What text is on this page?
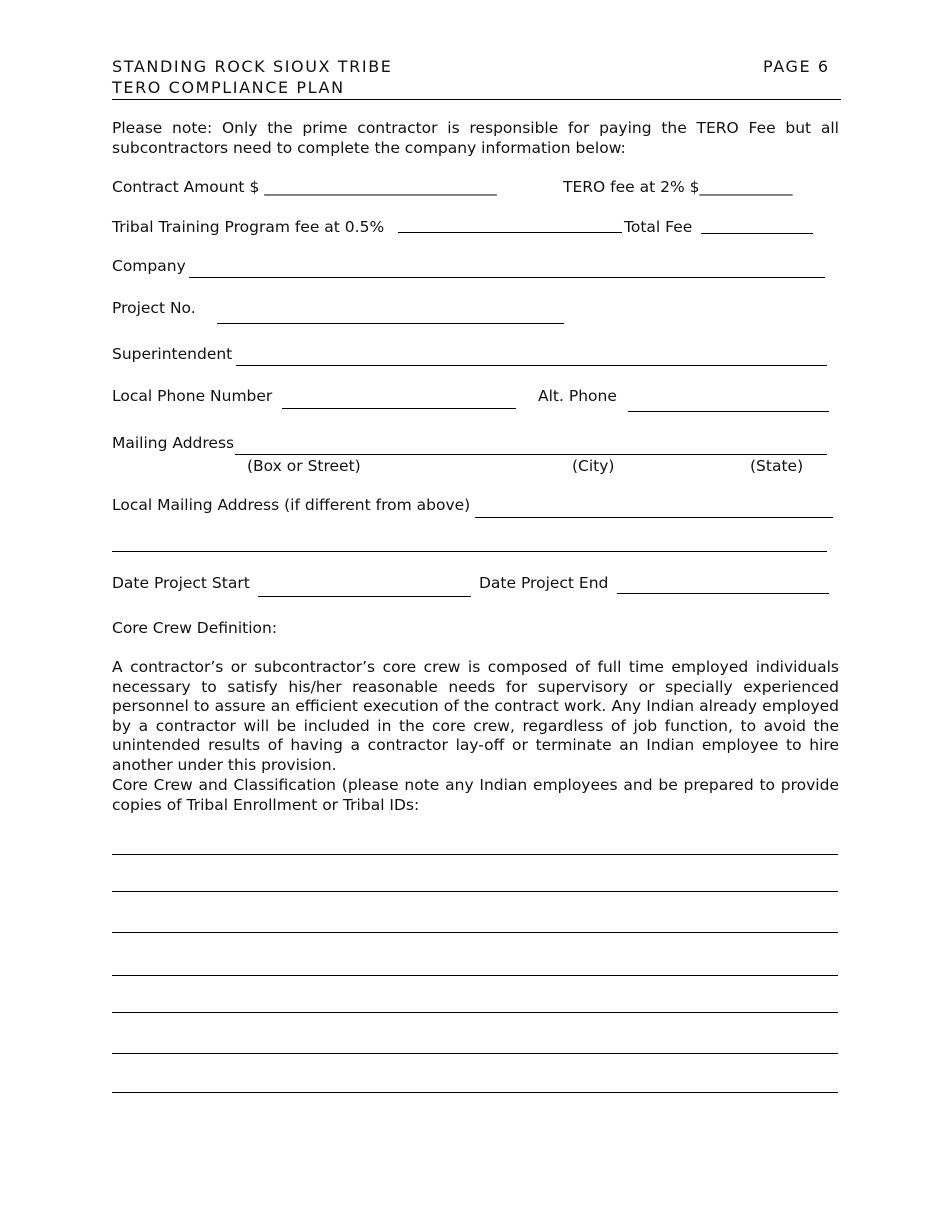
STANDING ROCK SIOUX TRIBE
TERO COMPLIANCE PLAN
PAGE 6
Please note: Only the prime contractor is responsible for paying the TERO Fee but all subcontractors need to complete the company information below:
Contract Amount $ ______________________________	TERO fee at 2% $____________
Tribal Training Program fee at 0.5%	Total Fee
Company
Project No.
Superintendent
Local Phone Number	Alt. Phone
Mailing Address
(Box or Street)	(City)	(State)
Local Mailing Address (if different from above)
Date Project Start	Date Project End
Core Crew Definition:
A contractor’s or subcontractor’s core crew is composed of full time employed individuals necessary to satisfy his/her reasonable needs for supervisory or specially experienced personnel to assure an efficient execution of the contract work. Any Indian already employed by a contractor will be included in the core crew, regardless of job function, to avoid the unintended results of having a contractor lay-off or terminate an Indian employee to hire another under this provision.
Core Crew and Classification (please note any Indian employees and be prepared to provide copies of Tribal Enrollment or Tribal IDs:
